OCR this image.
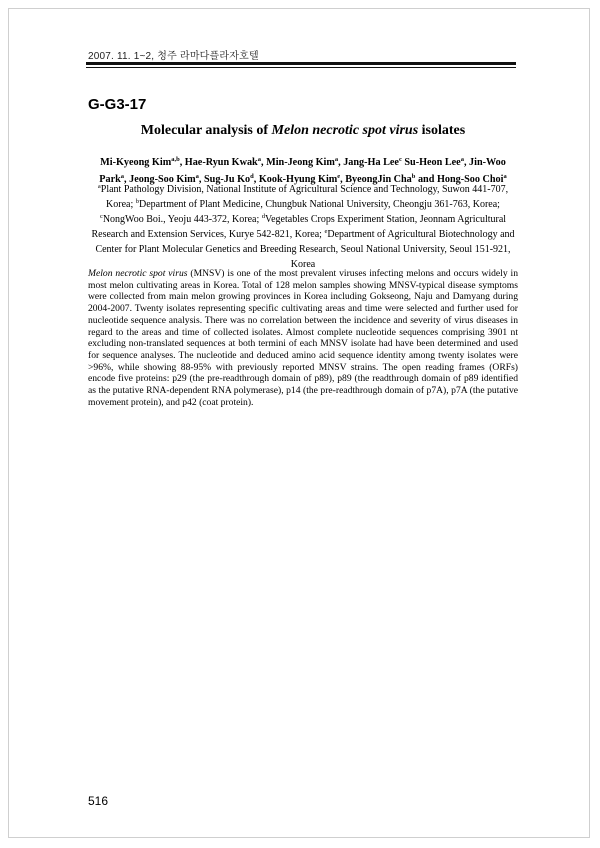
2007. 11. 1~2, 청주 라마다플라자호텔
G-G3-17
Molecular analysis of Melon necrotic spot virus isolates
Mi-Kyeong Kim$^{a,b}$, Hae-Ryun Kwak$^a$, Min-Jeong Kim$^a$, Jang-Ha Lee$^c$ Su-Heon Lee$^a$, Jin-Woo Park$^a$, Jeong-Soo Kim$^a$, Sug-Ju Ko$^d$, Kook-Hyung Kim$^e$, ByeongJin Cha$^b$ and Hong-Soo Choi$^a$
$^a$Plant Pathology Division, National Institute of Agricultural Science and Technology, Suwon 441-707, Korea; $^b$Department of Plant Medicine, Chungbuk National University, Cheongju 361-763, Korea; $^c$NongWoo Boi., Yeoju 443-372, Korea; $^d$Vegetables Crops Experiment Station, Jeonnam Agricultural Research and Extension Services, Kurye 542-821, Korea; $^e$Department of Agricultural Biotechnology and Center for Plant Molecular Genetics and Breeding Research, Seoul National University, Seoul 151-921, Korea
Melon necrotic spot virus (MNSV) is one of the most prevalent viruses infecting melons and occurs widely in most melon cultivating areas in Korea. Total of 128 melon samples showing MNSV-typical disease symptoms were collected from main melon growing provinces in Korea including Gokseong, Naju and Damyang during 2004-2007. Twenty isolates representing specific cultivating areas and time were selected and further used for nucleotide sequence analysis. There was no correlation between the incidence and severity of virus diseases in regard to the areas and time of collected isolates. Almost complete nucleotide sequences comprising 3901 nt excluding non-translated sequences at both termini of each MNSV isolate had have been determined and used for sequence analyses. The nucleotide and deduced amino acid sequence identity among twenty isolates were >96%, while showing 88-95% with previously reported MNSV strains. The open reading frames (ORFs) encode five proteins: p29 (the pre-readthrough domain of p89), p89 (the readthrough domain of p89 identified as the putative RNA-dependent RNA polymerase), p14 (the pre-readthrough domain of p7A), p7A (the putative movement protein), and p42 (coat protein).
516
